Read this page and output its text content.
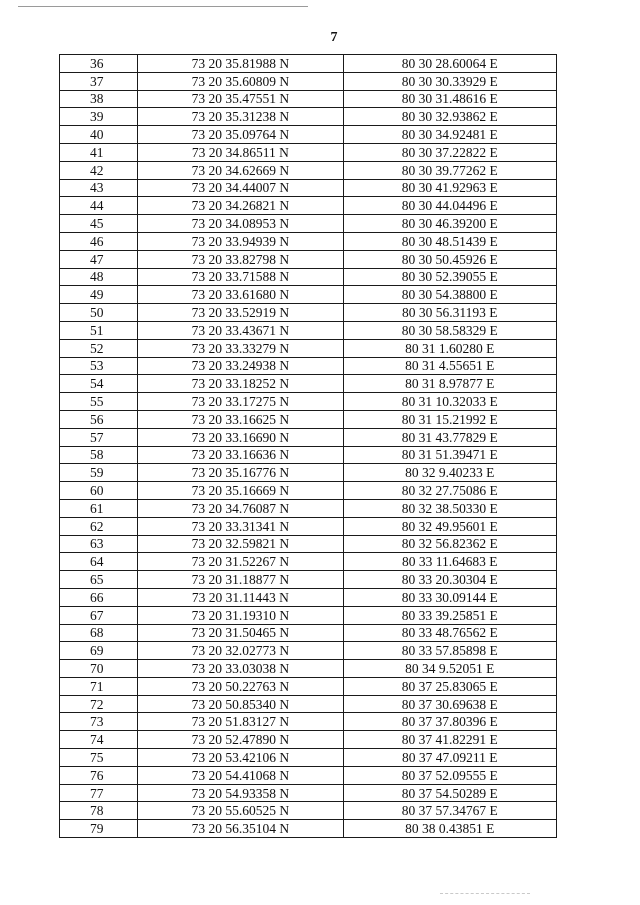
7
36	73 20 35.81988 N	80 30 28.60064 E
37	73 20 35.60809 N	80 30 30.33929 E
38	73 20 35.47551 N	80 30 31.48616 E
39	73 20 35.31238 N	80 30 32.93862 E
40	73 20 35.09764 N	80 30 34.92481 E
41	73 20 34.86511 N	80 30 37.22822 E
42	73 20 34.62669 N	80 30 39.77262 E
43	73 20 34.44007 N	80 30 41.92963 E
44	73 20 34.26821 N	80 30 44.04496 E
45	73 20 34.08953 N	80 30 46.39200 E
46	73 20 33.94939 N	80 30 48.51439 E
47	73 20 33.82798 N	80 30 50.45926 E
48	73 20 33.71588 N	80 30 52.39055 E
49	73 20 33.61680 N	80 30 54.38800 E
50	73 20 33.52919 N	80 30 56.31193 E
51	73 20 33.43671 N	80 30 58.58329 E
52	73 20 33.33279 N	80 31 1.60280 E
53	73 20 33.24938 N	80 31 4.55651 E
54	73 20 33.18252 N	80 31 8.97877 E
55	73 20 33.17275 N	80 31 10.32033 E
56	73 20 33.16625 N	80 31 15.21992 E
57	73 20 33.16690 N	80 31 43.77829 E
58	73 20 33.16636 N	80 31 51.39471 E
59	73 20 35.16776 N	80 32 9.40233 E
60	73 20 35.16669 N	80 32 27.75086 E
61	73 20 34.76087 N	80 32 38.50330 E
62	73 20 33.31341 N	80 32 49.95601 E
63	73 20 32.59821 N	80 32 56.82362 E
64	73 20 31.52267 N	80 33 11.64683 E
65	73 20 31.18877 N	80 33 20.30304 E
66	73 20 31.11443 N	80 33 30.09144 E
67	73 20 31.19310 N	80 33 39.25851 E
68	73 20 31.50465 N	80 33 48.76562 E
69	73 20 32.02773 N	80 33 57.85898 E
70	73 20 33.03038 N	80 34 9.52051 E
71	73 20 50.22763 N	80 37 25.83065 E
72	73 20 50.85340 N	80 37 30.69638 E
73	73 20 51.83127 N	80 37 37.80396 E
74	73 20 52.47890 N	80 37 41.82291 E
75	73 20 53.42106 N	80 37 47.09211 E
76	73 20 54.41068 N	80 37 52.09555 E
77	73 20 54.93358 N	80 37 54.50289 E
78	73 20 55.60525 N	80 37 57.34767 E
79	73 20 56.35104 N	80 38 0.43851 E
